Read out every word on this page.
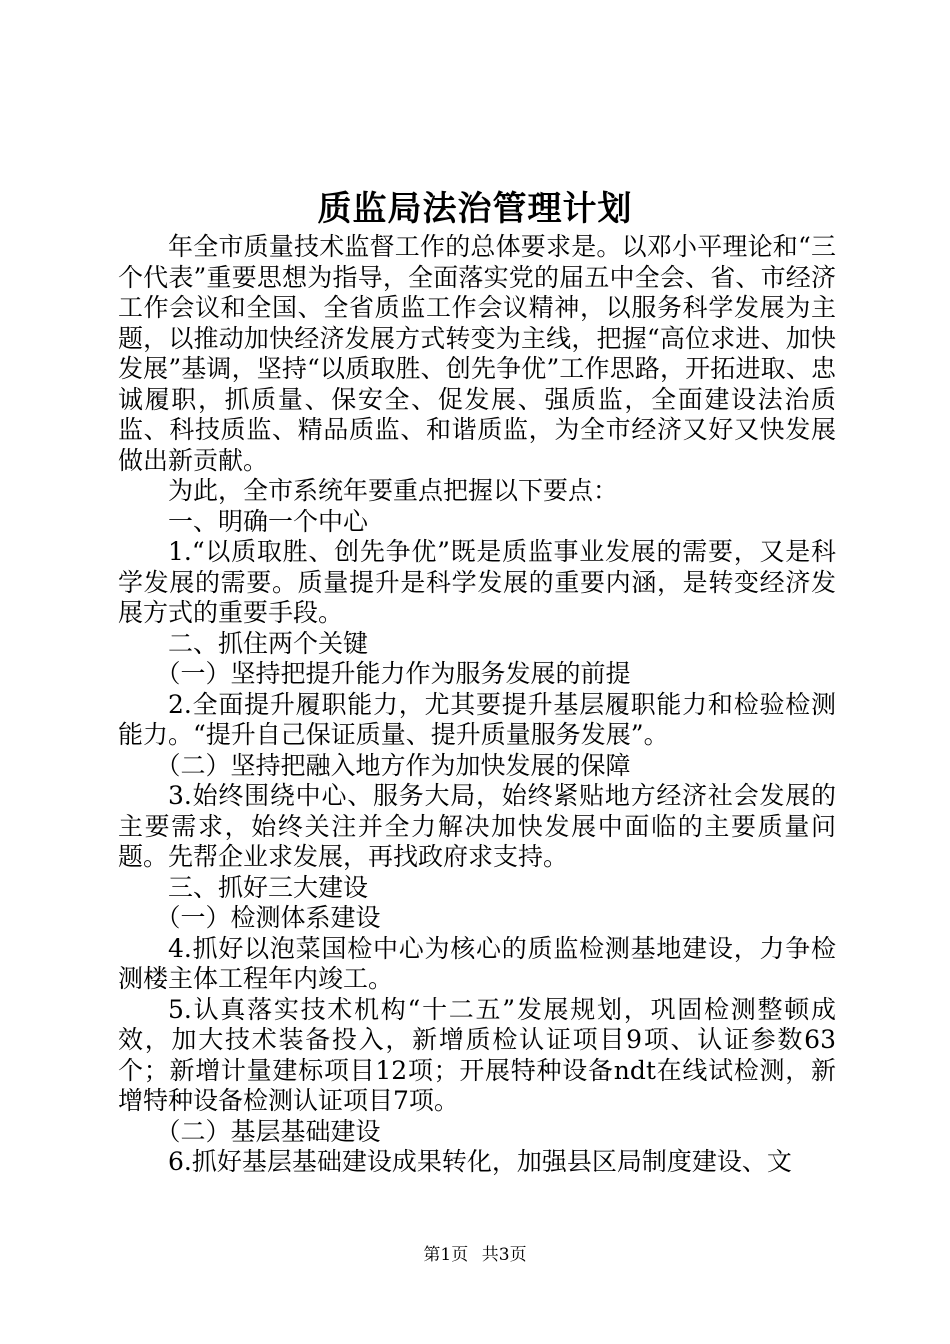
质监局法治管理计划

年全市质量技术监督工作的总体要求是。以邓小平理论和“三个代表”重要思想为指导，全面落实党的届五中全会、省、市经济工作会议和全国、全省质监工作会议精神，以服务科学发展为主题，以推动加快经济发展方式转变为主线，把握“高位求进、加快发展”基调，坚持“以质取胜、创先争优”工作思路，开拓进取、忠诚履职，抓质量、保安全、促发展、强质监，全面建设法治质监、科技质监、精品质监、和谐质监，为全市经济又好又快发展做出新贡献。

为此，全市系统年要重点把握以下要点：

一、明确一个中心

1.“以质取胜、创先争优”既是质监事业发展的需要，又是科学发展的需要。质量提升是科学发展的重要内涵，是转变经济发展方式的重要手段。

二、抓住两个关键

（一）坚持把提升能力作为服务发展的前提

2.全面提升履职能力，尤其要提升基层履职能力和检验检测能力。“提升自己保证质量、提升质量服务发展”。

（二）坚持把融入地方作为加快发展的保障

3.始终围绕中心、服务大局，始终紧贴地方经济社会发展的主要需求，始终关注并全力解决加快发展中面临的主要质量问题。先帮企业求发展，再找政府求支持。

三、抓好三大建设

（一）检测体系建设

4.抓好以泡菜国检中心为核心的质监检测基地建设，力争检测楼主体工程年内竣工。

5.认真落实技术机构“十二五”发展规划，巩固检测整顿成效，加大技术装备投入，新增质检认证项目9项、认证参数63个；新增计量建标项目12项；开展特种设备ndt在线试检测，新增特种设备检测认证项目7项。

（二）基层基础建设

6.抓好基层基础建设成果转化，加强县区局制度建设、文

第1页 共3页
